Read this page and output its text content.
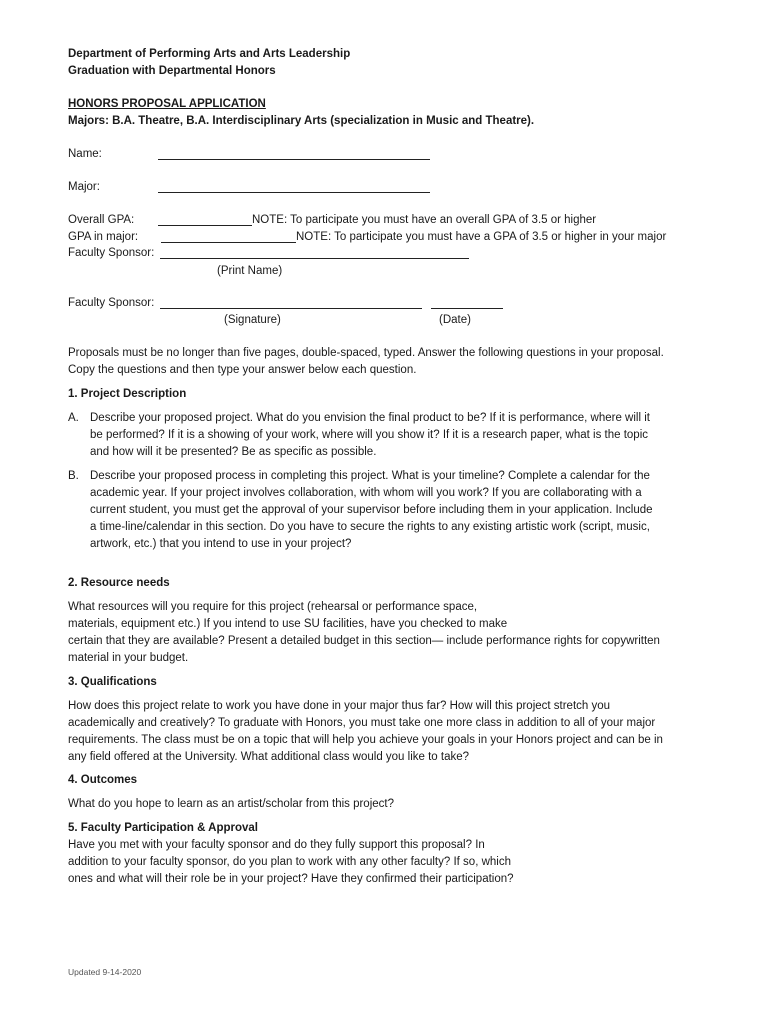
Department of Performing Arts and Arts Leadership
Graduation with Departmental Honors
HONORS PROPOSAL APPLICATION
Majors: B.A. Theatre, B.A. Interdisciplinary Arts (specialization in Music and Theatre).
Name:
Major:
Overall GPA:	NOTE: To participate you must have an overall GPA of 3.5 or higher
GPA in major:	NOTE: To participate you must have a GPA of 3.5 or higher in your major
Faculty Sponsor:
(Print Name)
Faculty Sponsor:
(Signature)	(Date)
Proposals must be no longer than five pages, double-spaced, typed. Answer the following questions in your proposal.
Copy the questions and then type your answer below each question.
1. Project Description
A. Describe your proposed project. What do you envision the final product to be? If it is performance, where will it
be performed? If it is a showing of your work, where will you show it? If it is a research paper, what is the topic
and how will it be presented? Be as specific as possible.
B. Describe your proposed process in completing this project. What is your timeline? Complete a calendar for the
academic year. If your project involves collaboration, with whom will you work? If you are collaborating with a
current student, you must get the approval of your supervisor before including them in your application. Include
a time-line/calendar in this section. Do you have to secure the rights to any existing artistic work (script, music,
artwork, etc.) that you intend to use in your project?
2. Resource needs
What resources will you require for this project (rehearsal or performance space,
materials, equipment etc.) If you intend to use SU facilities, have you checked to make
certain that they are available? Present a detailed budget in this section— include performance rights for copywritten
material in your budget.
3. Qualifications
How does this project relate to work you have done in your major thus far? How will this project stretch you
academically and creatively? To graduate with Honors, you must take one more class in addition to all of your major
requirements. The class must be on a topic that will help you achieve your goals in your Honors project and can be in
any field offered at the University. What additional class would you like to take?
4. Outcomes
What do you hope to learn as an artist/scholar from this project?
5. Faculty Participation & Approval
Have you met with your faculty sponsor and do they fully support this proposal? In
addition to your faculty sponsor, do you plan to work with any other faculty? If so, which
ones and what will their role be in your project? Have they confirmed their participation?
Updated 9-14-2020
